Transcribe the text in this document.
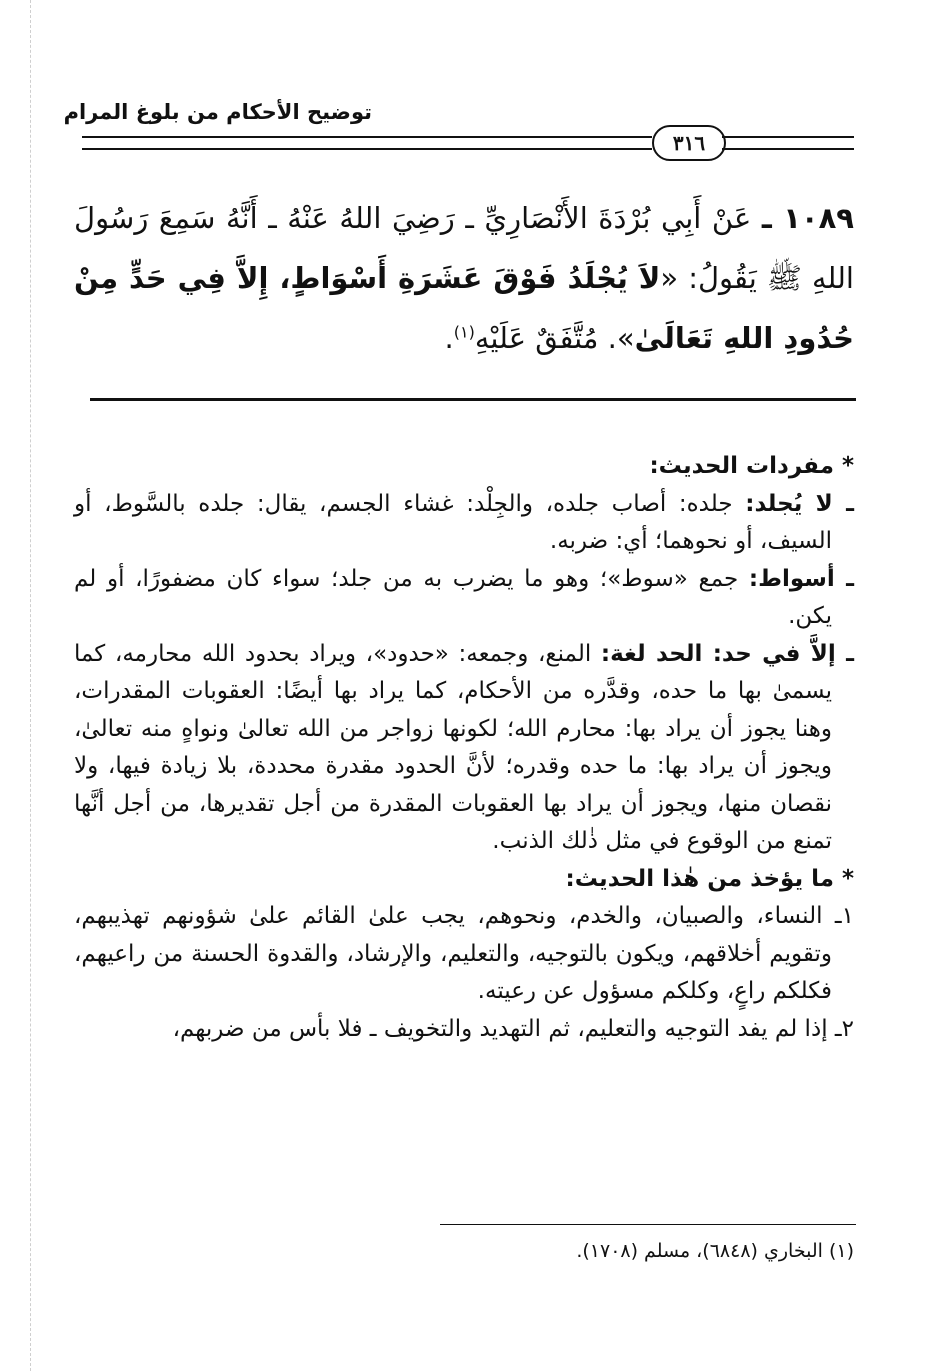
توضيح الأحكام من بلوغ المرام
٣١٦
١٠٨٩ ـ عَنْ أَبِي بُرْدَةَ الأَنْصَارِيِّ ـ رَضِيَ اللهُ عَنْهُ ـ أَنَّهُ سَمِعَ رَسُولَ اللهِ ﷺ يَقُولُ: «لاَ يُجْلَدُ فَوْقَ عَشَرَةِ أَسْوَاطٍ، إِلاَّ فِي حَدٍّ مِنْ حُدُودِ اللهِ تَعَالَىٰ». مُتَّفَقٌ عَلَيْهِ$^{(١)}$.

* مفردات الحديث:

ـ لا يُجلد: جلده: أصاب جلده، والجِلْد: غشاء الجسم، يقال: جلده بالسَّوط، أو السيف، أو نحوهما؛ أي: ضربه.

ـ أسواط: جمع «سوط»؛ وهو ما يضرب به من جلد؛ سواء كان مضفورًا، أو لم يكن.

ـ إلاَّ في حد: الحد لغة: المنع، وجمعه: «حدود»، ويراد بحدود الله محارمه، كما يسمىٰ بها ما حده، وقدَّره من الأحكام، كما يراد بها أيضًا: العقوبات المقدرات، وهنا يجوز أن يراد بها: محارم الله؛ لكونها زواجر من الله تعالىٰ ونواهٍ منه تعالىٰ، ويجوز أن يراد بها: ما حده وقدره؛ لأنَّ الحدود مقدرة محددة، بلا زيادة فيها، ولا نقصان منها، ويجوز أن يراد بها العقوبات المقدرة من أجل تقديرها، من أجل أنَّها تمنع من الوقوع في مثل ذٰلك الذنب.

* ما يؤخذ من هٰذا الحديث:

١ـ النساء، والصبيان، والخدم، ونحوهم، يجب علىٰ القائم علىٰ شؤونهم تهذيبهم، وتقويم أخلاقهم، ويكون بالتوجيه، والتعليم، والإرشاد، والقدوة الحسنة من راعيهم، فكلكم راعٍ، وكلكم مسؤول عن رعيته.

٢ـ إذا لم يفد التوجيه والتعليم، ثم التهديد والتخويف ـ فلا بأس من ضربهم،

(١) البخاري (٦٨٤٨)، مسلم (١٧٠٨).
